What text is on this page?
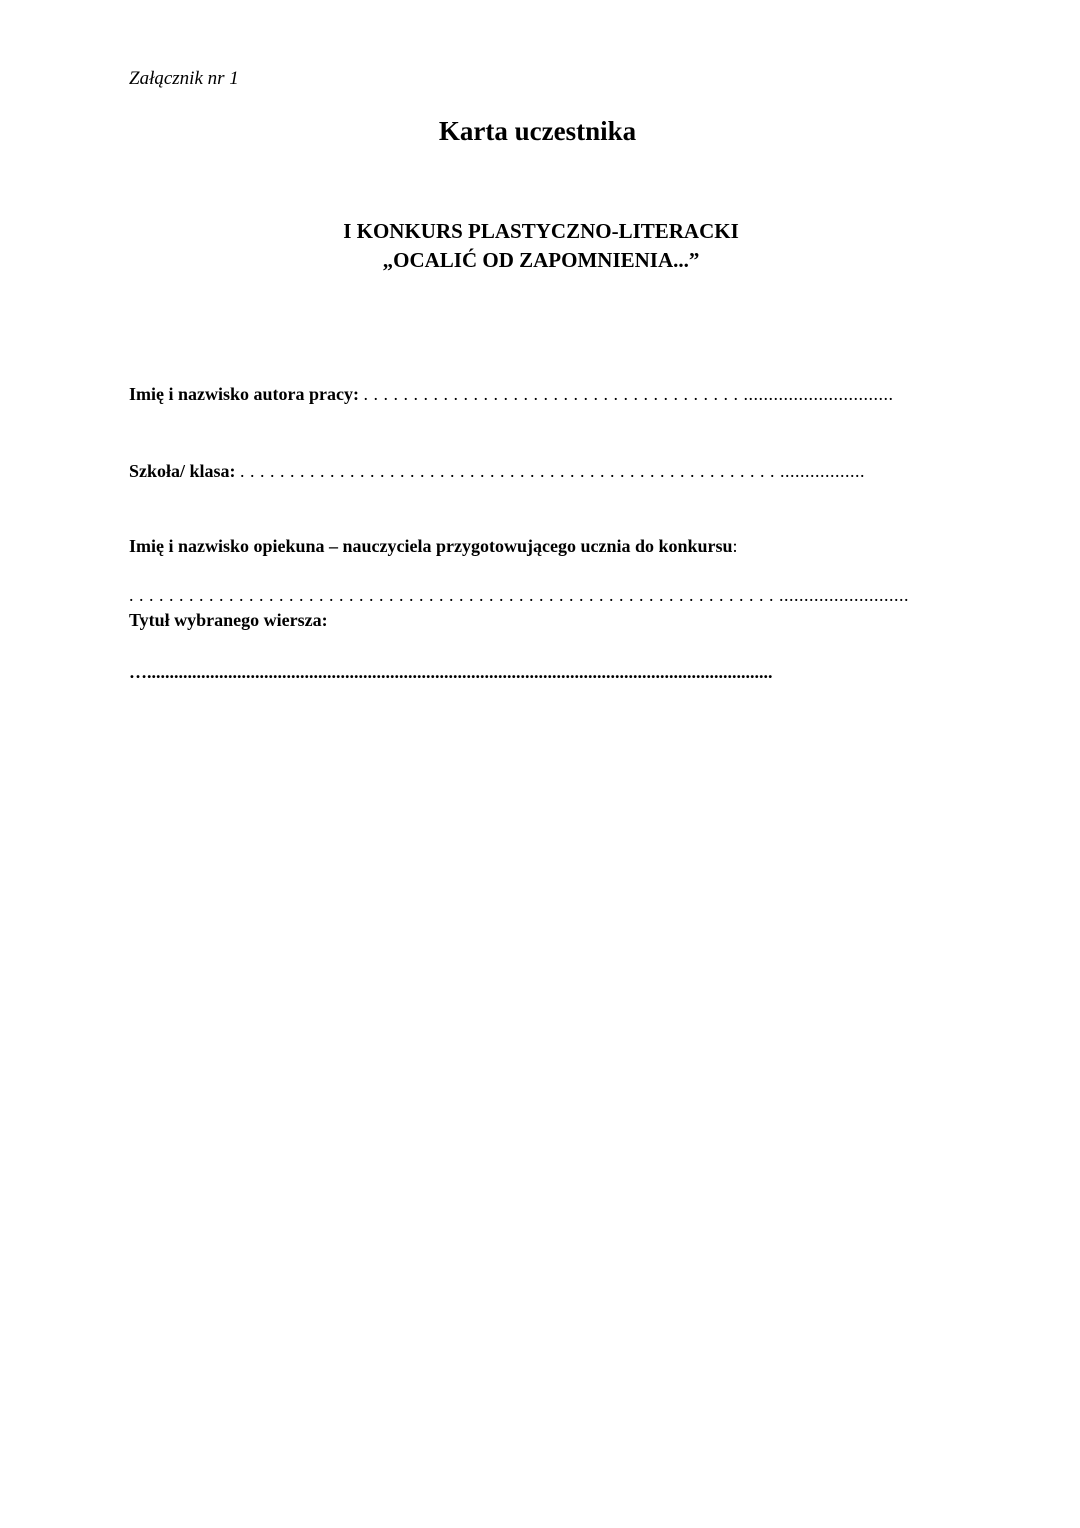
Załącznik nr 1
Karta uczestnika
I KONKURS PLASTYCZNO-LITERACKI
„OCALIĆ OD ZAPOMNIENIA...”
Imię i nazwisko autora pracy: . . . . . . . . . . . . . . . . . . . . . . . . . . . . . . . . . . . . . . ..............................
Szkoła/ klasa: . . . . . . . . . . . . . . . . . . . . . . . . . . . . . . . . . . . . . . . . . . . . . . . . . . . . . . .................
Imię i nazwisko opiekuna – nauczyciela przygotowującego ucznia do konkursu:
. . . . . . . . . . . . . . . . . . . . . . . . . . . . . . . . . . . . . . . . . . . . . . . . . . . . . . . . . . . . . . . . . ..........................
Tytuł wybranego wiersza:
…...........................................................................................................................................
